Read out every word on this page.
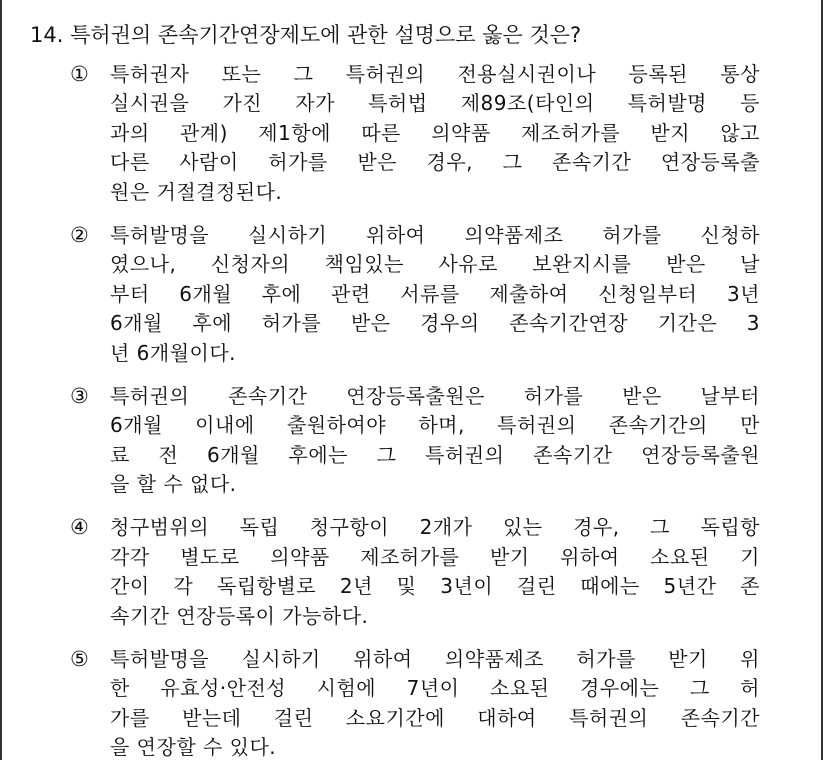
14. 특허권의 존속기간연장제도에 관한 설명으로 옳은 것은?
① 특허권자 또는 그 특허권의 전용실시권이나 등록된 통상
실시권을 가진 자가 특허법 제89조(타인의 특허발명 등
과의 관계) 제1항에 따른 의약품 제조허가를 받지 않고
다른 사람이 허가를 받은 경우, 그 존속기간 연장등록출
원은 거절결정된다.
② 특허발명을 실시하기 위하여 의약품제조 허가를 신청하
였으나, 신청자의 책임있는 사유로 보완지시를 받은 날
부터 6개월 후에 관련 서류를 제출하여 신청일부터 3년
6개월 후에 허가를 받은 경우의 존속기간연장 기간은 3
년 6개월이다.
③ 특허권의 존속기간 연장등록출원은 허가를 받은 날부터
6개월 이내에 출원하여야 하며, 특허권의 존속기간의 만
료 전 6개월 후에는 그 특허권의 존속기간 연장등록출원
을 할 수 없다.
④ 청구범위의 독립 청구항이 2개가 있는 경우, 그 독립항
각각 별도로 의약품 제조허가를 받기 위하여 소요된 기
간이 각 독립항별로 2년 및 3년이 걸린 때에는 5년간 존
속기간 연장등록이 가능하다.
⑤ 특허발명을 실시하기 위하여 의약품제조 허가를 받기 위
한 유효성·안전성 시험에 7년이 소요된 경우에는 그 허
가를 받는데 걸린 소요기간에 대하여 특허권의 존속기간
을 연장할 수 있다.
